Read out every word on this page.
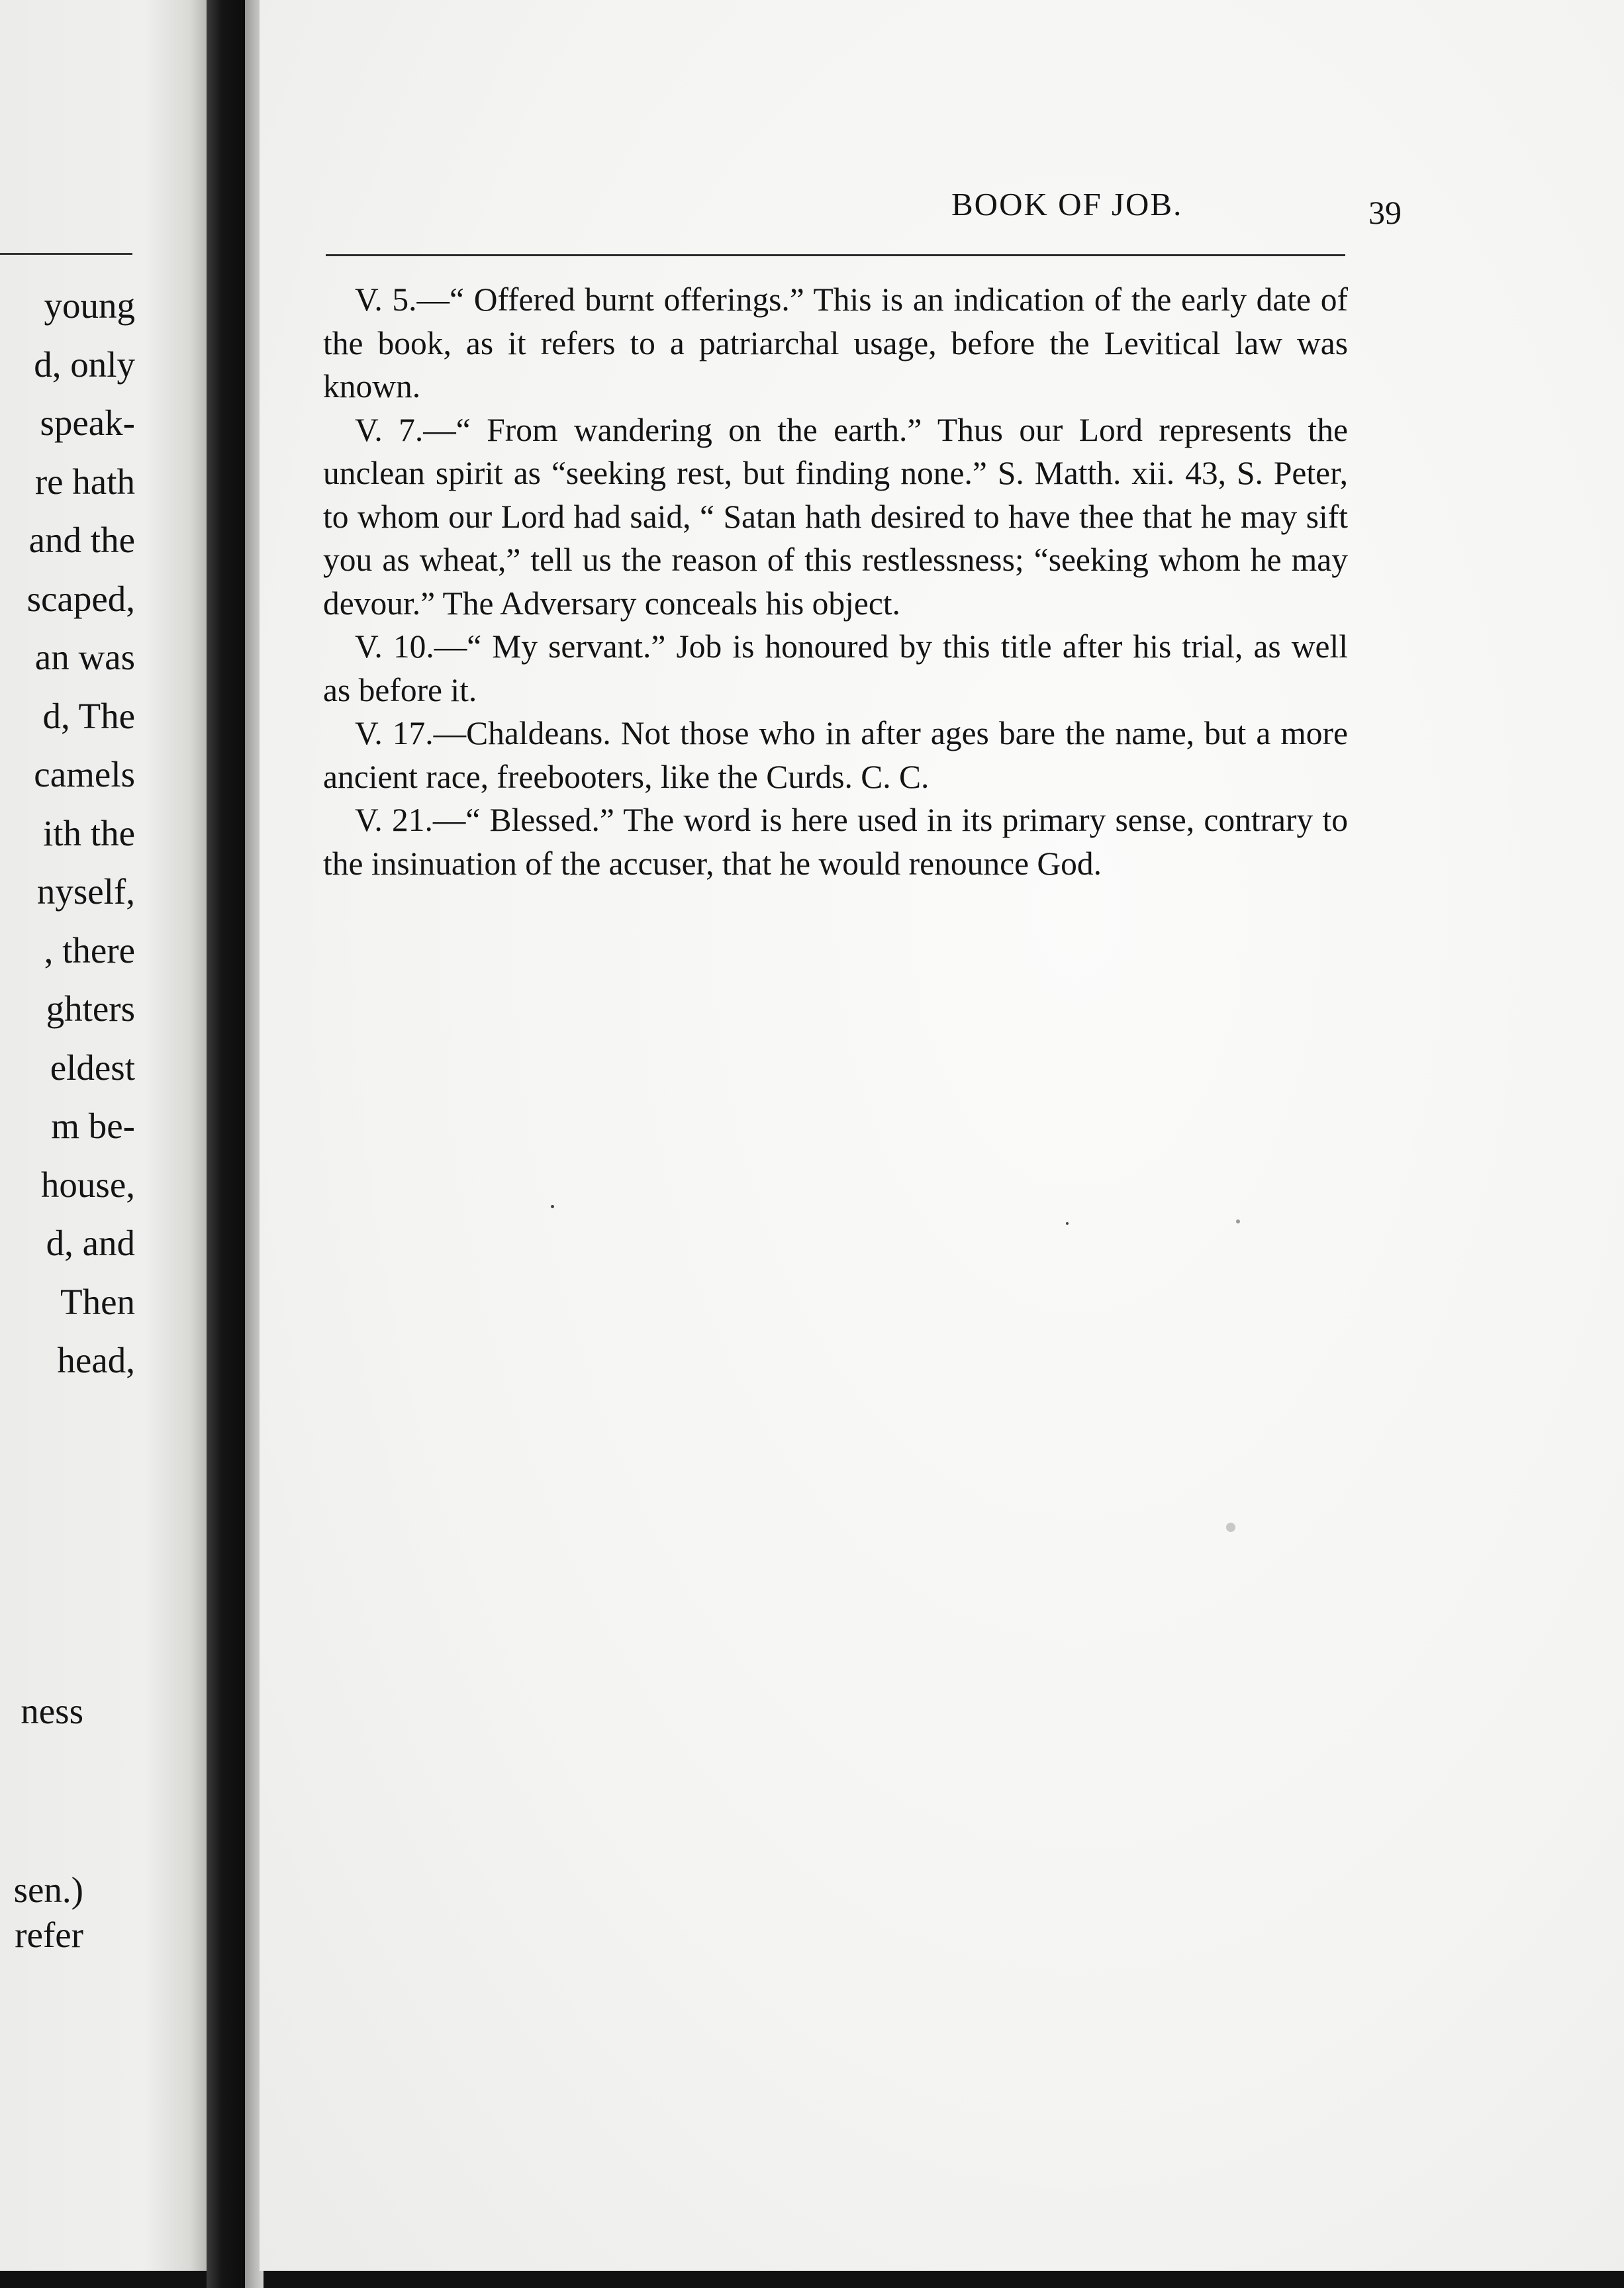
young
d, only
speak-
re hath
and the
scaped,
an was
d, The
camels
ith the
nyself,
, there
ghters
eldest
m be-
house,
d, and
Then
head,
ness
sen.)
refer
BOOK OF JOB.	39

V. 5.—“ Offered burnt offerings.” This is an indication of the early date of the book, as it refers to a patriarchal usage, before the Levitical law was known.

V. 7.—“ From wandering on the earth.” Thus our Lord represents the unclean spirit as “seeking rest, but finding none.” S. Matth. xii. 43, S. Peter, to whom our Lord had said, “ Satan hath desired to have thee that he may sift you as wheat,” tell us the reason of this restlessness; “seeking whom he may devour.” The Adversary conceals his object.

V. 10.—“ My servant.” Job is honoured by this title after his trial, as well as before it.

V. 17.—Chaldeans. Not those who in after ages bare the name, but a more ancient race, freebooters, like the Curds. C. C.

V. 21.—“ Blessed.” The word is here used in its primary sense, contrary to the insinuation of the accuser, that he would renounce God.
